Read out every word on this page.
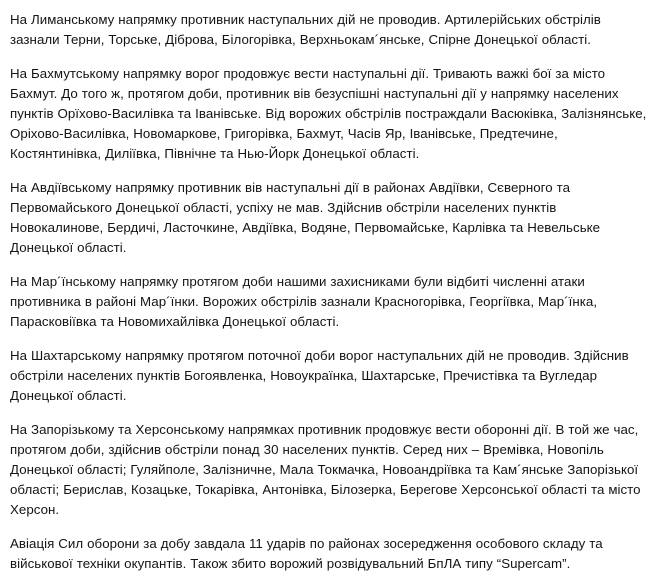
На Лиманському напрямку противник наступальних дій не проводив. Артилерійських обстрілів зазнали Терни, Торське, Діброва, Білогорівка, Верхньокам´янське, Спірне Донецької області.

На Бахмутському напрямку ворог продовжує вести наступальні дії. Тривають важкі бої за місто Бахмут. До того ж, протягом доби, противник вів безуспішні наступальні дії у напрямку населених пунктів Орїхово-Василівка та Іванівське. Від ворожих обстрілів постраждали Васюківка, Залізнянське, Оріхово-Василівка, Новомаркове, Григорівка, Бахмут, Часів Яр, Іванівське, Предтечине, Костянтинівка, Диліївка, Північне та Нью-Йорк Донецької області.

На Авдіївському напрямку противник вів наступальні дії в районах Авдіївки, Сєверного та Первомайського Донецької області, успіху не мав. Здійснив обстріли населених пунктів Новокалинове, Бердичі, Ласточкине, Авдіївка, Водяне, Первомайське, Карлівка та Невельське Донецької області.

На Мар´їнському напрямку протягом доби нашими захисниками були відбиті численні атаки противника в районі Мар´їнки. Ворожих обстрілів зазнали Красногорівка, Георгіївка, Мар´їнка, Парасковіївка та Новомихайлівка Донецької області.

На Шахтарському напрямку протягом поточної доби ворог наступальних дій не проводив. Здійснив обстріли населених пунктів Богоявленка, Новоукраїнка, Шахтарське, Пречистівка та Вугледар Донецької області.

На Запорізькому та Херсонському напрямках противник продовжує вести оборонні дії. В той же час, протягом доби, здійснив обстріли понад 30 населених пунктів. Серед них – Времівка, Новопіль Донецької області; Гуляйполе, Залізничне, Мала Токмачка, Новоандріївка та Кам´янське Запорізької області; Берислав, Козацьке, Токарівка, Антонівка, Білозерка, Берегове Херсонської області та місто Херсон.

Авіація Сил оборони за добу завдала 11 ударів по районах зосередження особового складу та військової техніки окупантів. Також збито ворожий розвідувальний БпЛА типу “Supercam”.
